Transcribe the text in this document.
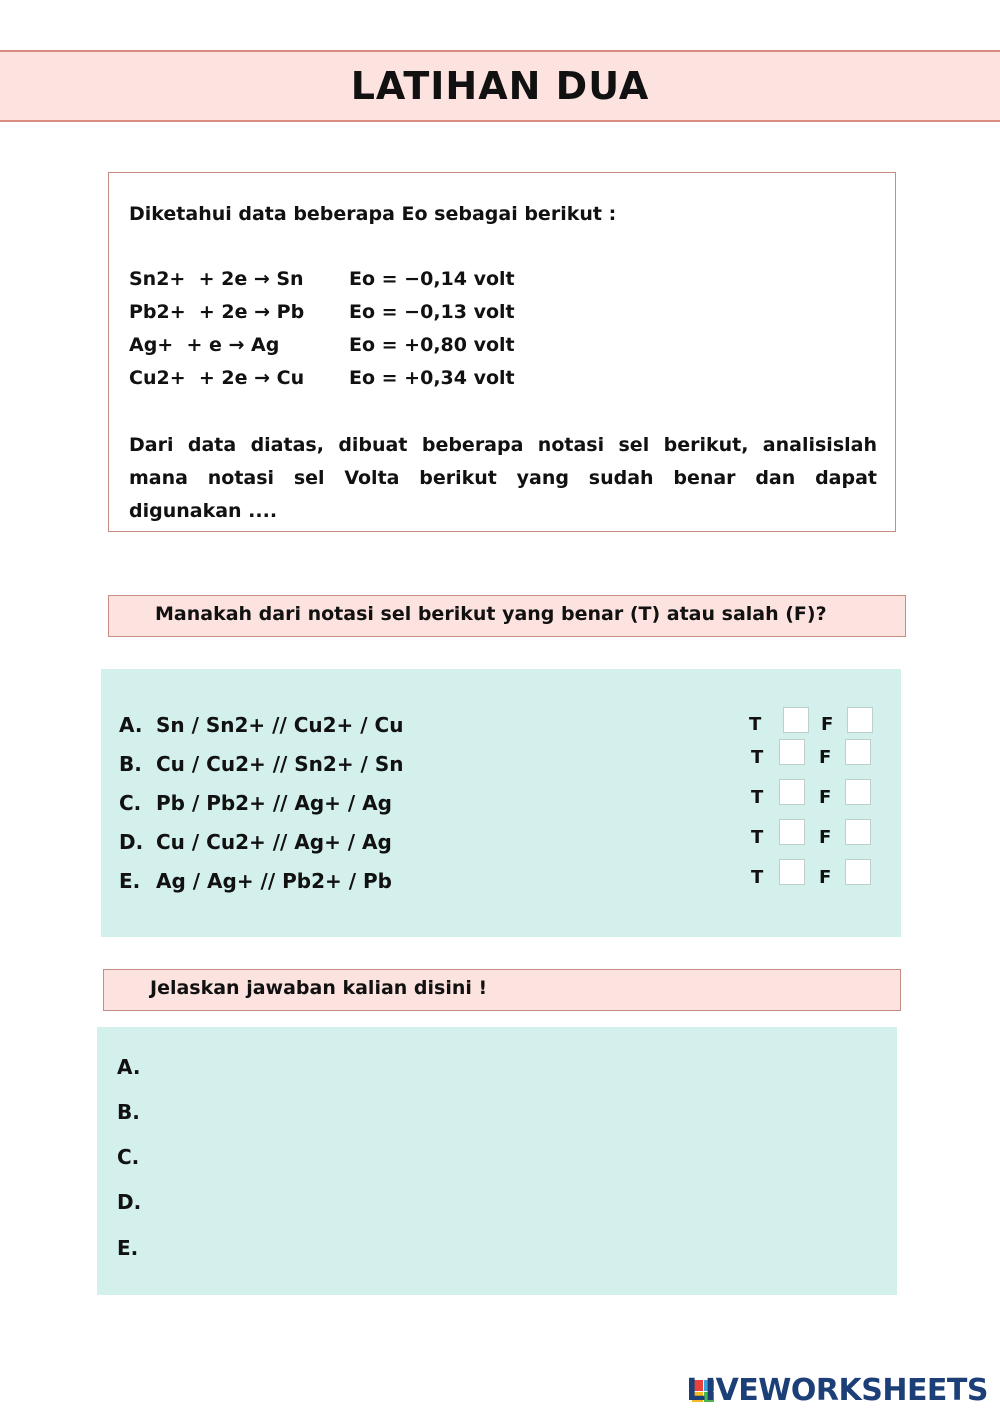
LATIHAN DUA
Diketahui data beberapa Eo sebagai berikut :
Sn2+  + 2e → Sn Eo = −0,14 volt
Pb2+  + 2e → Pb Eo = −0,13 volt
Ag+  + e → Ag	Eo = +0,80 volt
Cu2+  + 2e → Cu Eo = +0,34 volt
Dari data diatas, dibuat beberapa notasi sel berikut, analisislah mana notasi sel Volta berikut yang sudah benar dan dapat digunakan ....
Manakah dari notasi sel berikut yang benar (T) atau salah (F)?
A. Sn / Sn2+ // Cu2+ / Cu	T	F
B. Cu / Cu2+ // Sn2+ / Sn	T	F
C. Pb / Pb2+ // Ag+ / Ag	T	F
D. Cu / Cu2+ // Ag+ / Ag	T	F
E. Ag / Ag+ // Pb2+ / Pb	T	F
Jelaskan jawaban kalian disini !
A.
B.
C.
D.
E.
LIVEWORKSHEETS
